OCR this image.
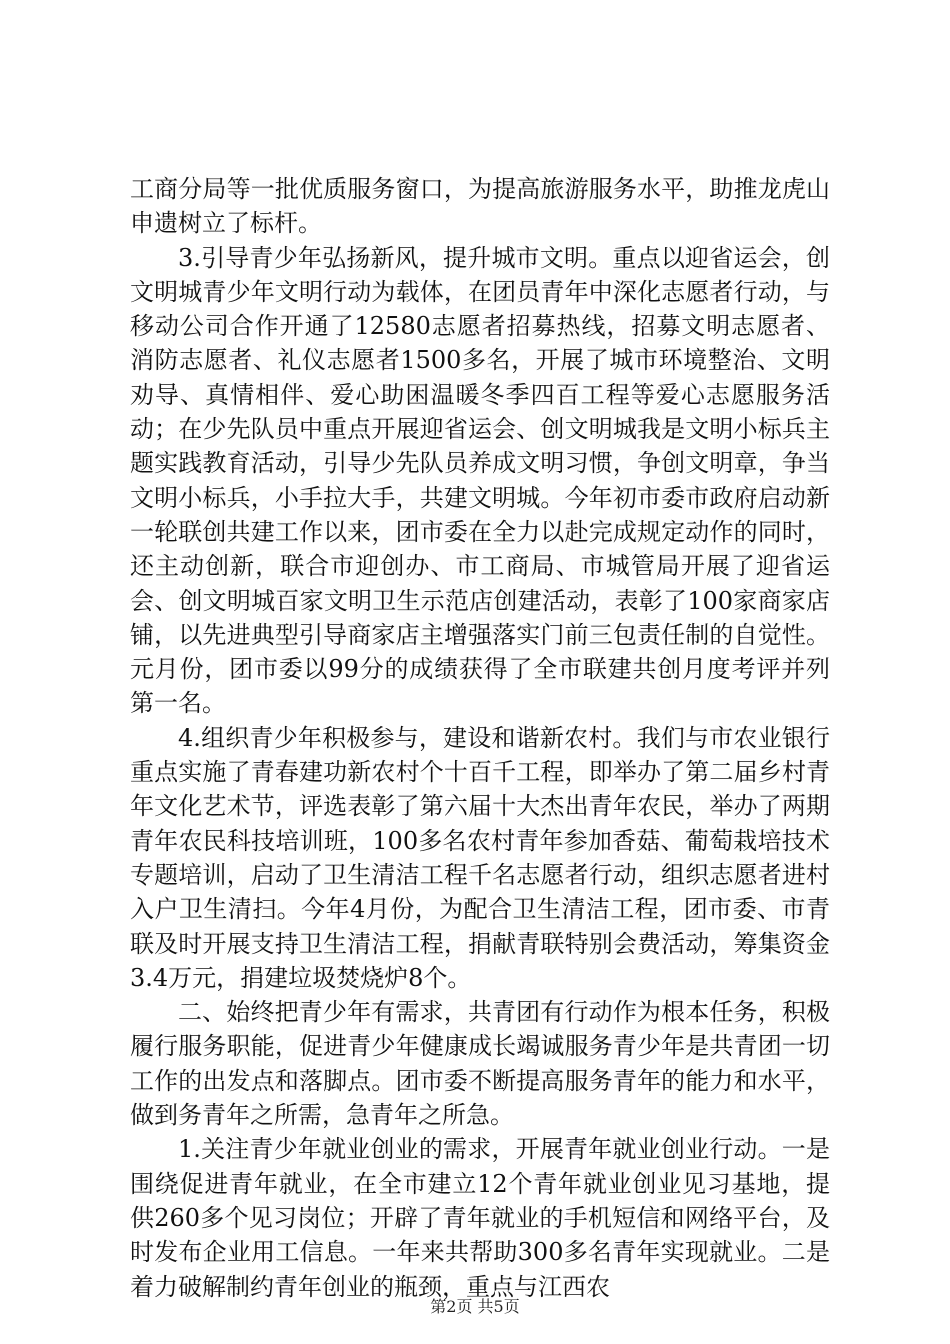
工商分局等一批优质服务窗口，为提高旅游服务水平，助推龙虎山申遗树立了标杆。

3.引导青少年弘扬新风，提升城市文明。重点以迎省运会，创文明城青少年文明行动为载体，在团员青年中深化志愿者行动，与移动公司合作开通了12580志愿者招募热线，招募文明志愿者、消防志愿者、礼仪志愿者1500多名，开展了城市环境整治、文明劝导、真情相伴、爱心助困温暖冬季四百工程等爱心志愿服务活动；在少先队员中重点开展迎省运会、创文明城我是文明小标兵主题实践教育活动，引导少先队员养成文明习惯，争创文明章，争当文明小标兵，小手拉大手，共建文明城。今年初市委市政府启动新一轮联创共建工作以来，团市委在全力以赴完成规定动作的同时，还主动创新，联合市迎创办、市工商局、市城管局开展了迎省运会、创文明城百家文明卫生示范店创建活动，表彰了100家商家店铺，以先进典型引导商家店主增强落实门前三包责任制的自觉性。元月份，团市委以99分的成绩获得了全市联建共创月度考评并列第一名。

4.组织青少年积极参与，建设和谐新农村。我们与市农业银行重点实施了青春建功新农村个十百千工程，即举办了第二届乡村青年文化艺术节，评选表彰了第六届十大杰出青年农民，举办了两期青年农民科技培训班，100多名农村青年参加香菇、葡萄栽培技术专题培训，启动了卫生清洁工程千名志愿者行动，组织志愿者进村入户卫生清扫。今年4月份，为配合卫生清洁工程，团市委、市青联及时开展支持卫生清洁工程，捐献青联特别会费活动，筹集资金3.4万元，捐建垃圾焚烧炉8个。

二、始终把青少年有需求，共青团有行动作为根本任务，积极履行服务职能，促进青少年健康成长竭诚服务青少年是共青团一切工作的出发点和落脚点。团市委不断提高服务青年的能力和水平，做到务青年之所需，急青年之所急。

1.关注青少年就业创业的需求，开展青年就业创业行动。一是围绕促进青年就业，在全市建立12个青年就业创业见习基地，提供260多个见习岗位；开辟了青年就业的手机短信和网络平台，及时发布企业用工信息。一年来共帮助300多名青年实现就业。二是着力破解制约青年创业的瓶颈，重点与江西农

第2页 共5页
